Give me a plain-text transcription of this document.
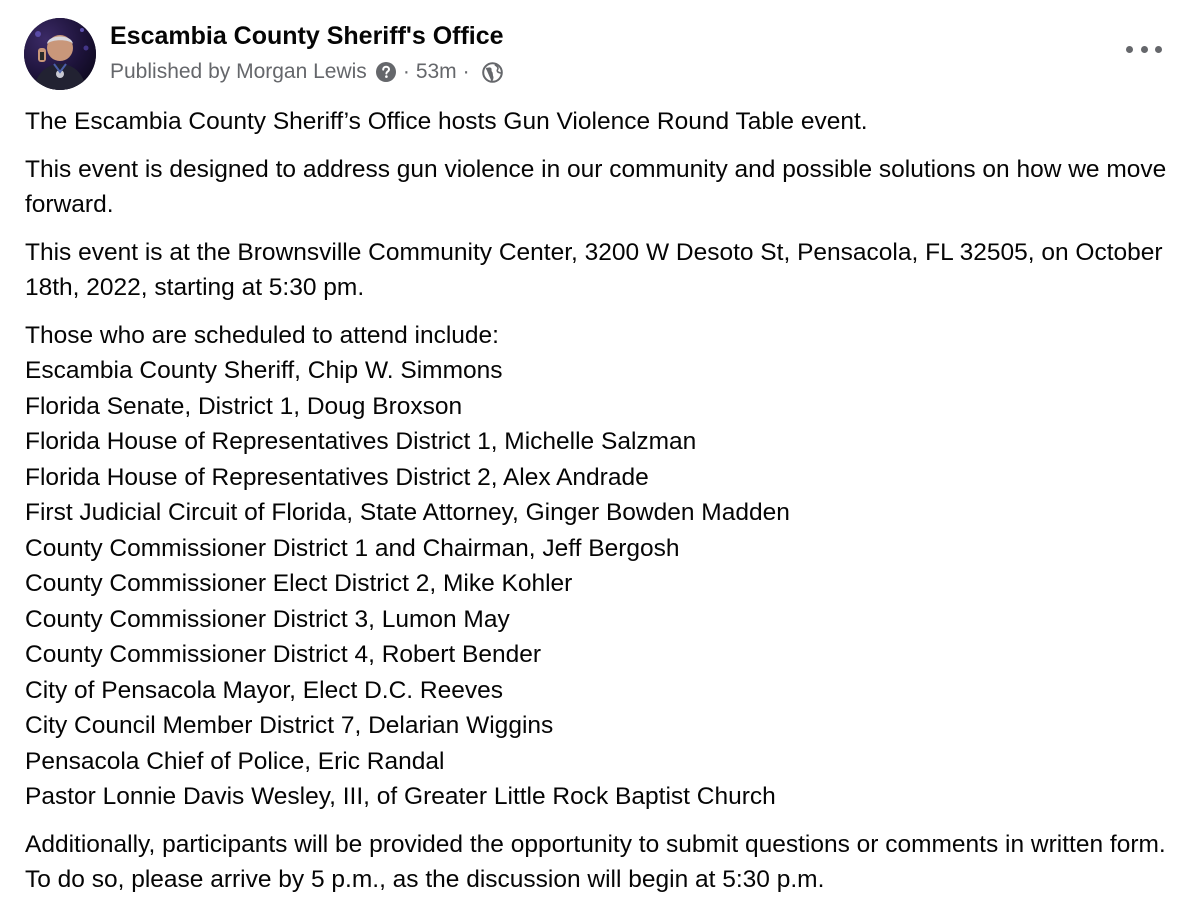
Escambia County Sheriff's Office
Published by Morgan Lewis · 53m ·

The Escambia County Sheriff’s Office hosts Gun Violence Round Table event.

This event is designed to address gun violence in our community and possible solutions on how we move forward.

This event is at the Brownsville Community Center, 3200 W Desoto St, Pensacola, FL 32505, on October 18th, 2022, starting at 5:30 pm.

Those who are scheduled to attend include:
Escambia County Sheriff, Chip W. Simmons
Florida Senate, District 1, Doug Broxson
Florida House of Representatives District 1, Michelle Salzman
Florida House of Representatives District 2, Alex Andrade
First Judicial Circuit of Florida, State Attorney, Ginger Bowden Madden
County Commissioner District 1 and Chairman, Jeff Bergosh
County Commissioner Elect District 2, Mike Kohler
County Commissioner District 3, Lumon May
County Commissioner District 4, Robert Bender
City of Pensacola Mayor, Elect D.C. Reeves
City Council Member District 7, Delarian Wiggins
Pensacola Chief of Police, Eric Randal
Pastor Lonnie Davis Wesley, III, of Greater Little Rock Baptist Church

Additionally, participants will be provided the opportunity to submit questions or comments in written form. To do so, please arrive by 5 p.m., as the discussion will begin at 5:30 p.m.
